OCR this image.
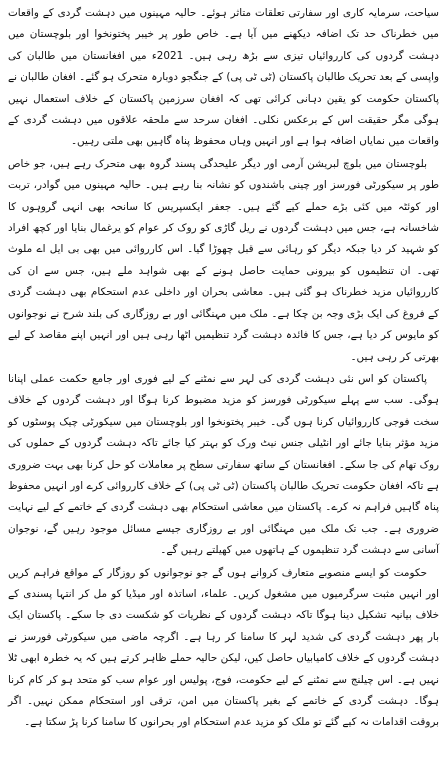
سیاحت، سرمایہ کاری اور سفارتی تعلقات متاثر ہوئے۔ حالیہ مہینوں میں دہشت گردی کے واقعات میں خطرناک حد تک اضافہ دیکھنے میں آیا ہے۔ خاص طور پر خیبر پختونخوا اور بلوچستان میں دہشت گردوں کی کارروائیاں تیزی سے بڑھ رہی ہیں۔ 2021ء میں افغانستان میں طالبان کی واپسی کے بعد تحریک طالبان پاکستان (ٹی ٹی پی) کے جنگجو دوبارہ متحرک ہو گئے۔ افغان طالبان نے پاکستان حکومت کو یقین دہانی کرائی تھی کہ افغان سرزمین پاکستان کے خلاف استعمال نہیں ہوگی مگر حقیقت اس کے برعکس نکلی۔ افغان سرحد سے ملحقہ علاقوں میں دہشت گردی کے واقعات میں نمایاں اضافہ ہوا ہے اور انہیں وہاں محفوظ پناہ گاہیں بھی ملتی رہیں۔

بلوچستان میں بلوچ لبریشن آرمی اور دیگر علیحدگی پسند گروہ بھی متحرک رہے ہیں، جو خاص طور پر سیکورٹی فورسز اور چینی باشندوں کو نشانہ بنا رہے ہیں۔ حالیہ مہینوں میں گوادر، تربت اور کوئٹہ میں کئی بڑے حملے کیے گئے ہیں۔ جعفر ایکسپریس کا سانحہ بھی انہی گروہوں کا شاخسانہ ہے، جس میں دہشت گردوں نے ریل گاڑی کو روک کر عوام کو یرغمال بنایا اور کچھ افراد کو شہید کر دیا جبکہ دیگر کو رہائی سے قبل چھوڑا گیا۔ اس کارروائی میں بھی بی ایل اے ملوث تھی۔ ان تنظیموں کو بیرونی حمایت حاصل ہونے کے بھی شواہد ملے ہیں، جس سے ان کی کارروائیاں مزید خطرناک ہو گئی ہیں۔ معاشی بحران اور داخلی عدم استحکام بھی دہشت گردی کے فروغ کی ایک بڑی وجہ بن چکا ہے۔ ملک میں مہنگائی اور بے روزگاری کی بلند شرح نے نوجوانوں کو مایوس کر دیا ہے، جس کا فائدہ دہشت گرد تنظیمیں اٹھا رہی ہیں اور انہیں اپنے مقاصد کے لیے بھرتی کر رہی ہیں۔

پاکستان کو اس نئی دہشت گردی کی لہر سے نمٹنے کے لیے فوری اور جامع حکمت عملی اپنانا ہوگی۔ سب سے پہلے سیکورٹی فورسز کو مزید مضبوط کرنا ہوگا اور دہشت گردوں کے خلاف سخت فوجی کارروائیاں کرنا ہوں گی۔ خیبر پختونخوا اور بلوچستان میں سیکورٹی چیک پوسٹوں کو مزید مؤثر بنایا جائے اور انٹیلی جنس نیٹ ورک کو بہتر کیا جائے تاکہ دہشت گردوں کے حملوں کی روک تھام کی جا سکے۔ افغانستان کے ساتھ سفارتی سطح پر معاملات کو حل کرنا بھی بہت ضروری ہے تاکہ افغان حکومت تحریک طالبان پاکستان (ٹی ٹی پی) کے خلاف کارروائی کرے اور انہیں محفوظ پناہ گاہیں فراہم نہ کرے۔ پاکستان میں معاشی استحکام بھی دہشت گردی کے خاتمے کے لیے نہایت ضروری ہے۔ جب تک ملک میں مہنگائی اور بے روزگاری جیسے مسائل موجود رہیں گے، نوجوان آسانی سے دہشت گرد تنظیموں کے ہاتھوں میں کھیلتے رہیں گے۔

حکومت کو ایسے منصوبے متعارف کروانے ہوں گے جو نوجوانوں کو روزگار کے مواقع فراہم کریں اور انہیں مثبت سرگرمیوں میں مشغول کریں۔ علماء، اساتذہ اور میڈیا کو مل کر انتہا پسندی کے خلاف بیانیہ تشکیل دینا ہوگا تاکہ دہشت گردوں کے نظریات کو شکست دی جا سکے۔ پاکستان ایک بار پھر دہشت گردی کی شدید لہر کا سامنا کر رہا ہے۔ اگرچہ ماضی میں سیکورٹی فورسز نے دہشت گردوں کے خلاف کامیابیاں حاصل کیں، لیکن حالیہ حملے ظاہر کرتے ہیں کہ یہ خطرہ ابھی ٹلا نہیں ہے۔ اس چیلنج سے نمٹنے کے لیے حکومت، فوج، پولیس اور عوام سب کو متحد ہو کر کام کرنا ہوگا۔ دہشت گردی کے خاتمے کے بغیر پاکستان میں امن، ترقی اور استحکام ممکن نہیں۔ اگر بروقت اقدامات نہ کیے گئے تو ملک کو مزید عدم استحکام اور بحرانوں کا سامنا کرنا پڑ سکتا ہے۔
